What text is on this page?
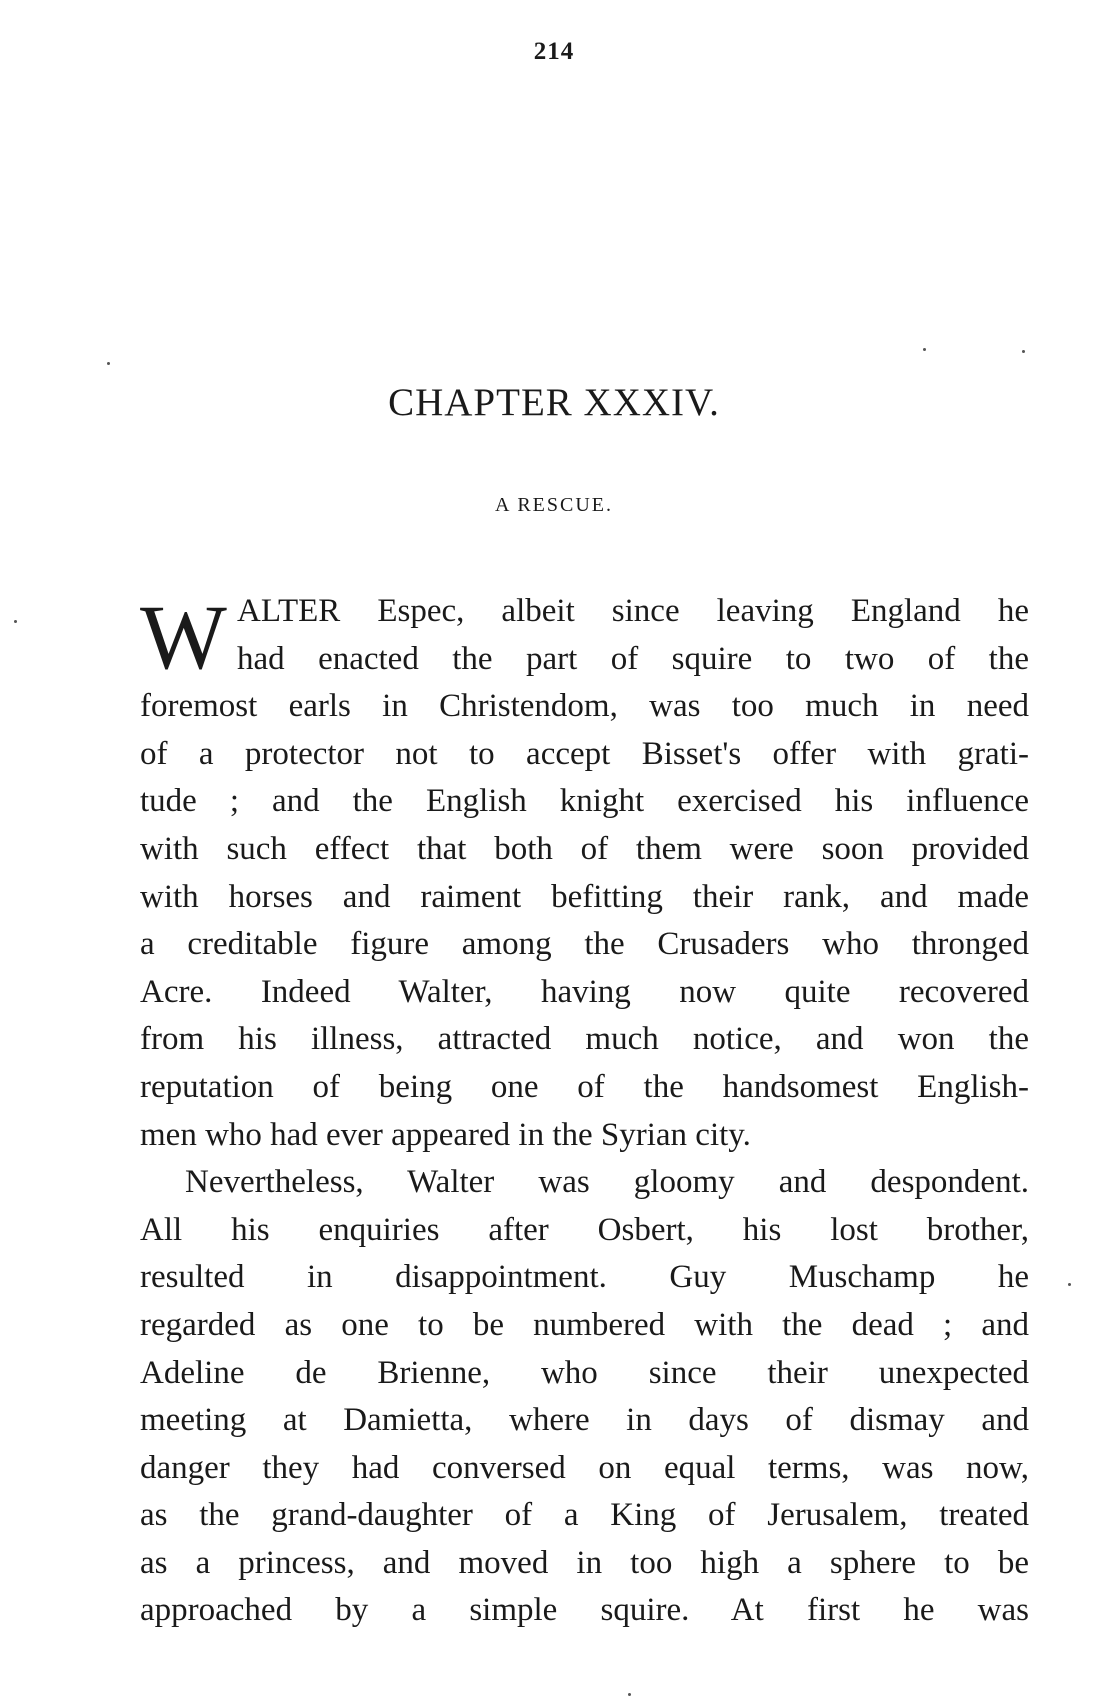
214
CHAPTER XXXIV.
A RESCUE.
W ALTER Espec, albeit since leaving England he
had enacted the part of squire to two of the
foremost earls in Christendom, was too much in need
of a protector not to accept Bisset's offer with grati-
tude ; and the English knight exercised his influence
with such effect that both of them were soon provided
with horses and raiment befitting their rank, and made
a creditable figure among the Crusaders who thronged
Acre. Indeed Walter, having now quite recovered
from his illness, attracted much notice, and won the
reputation of being one of the handsomest English-
men who had ever appeared in the Syrian city.
Nevertheless, Walter was gloomy and despondent.
All his enquiries after Osbert, his lost brother,
resulted in disappointment. Guy Muschamp he
regarded as one to be numbered with the dead ; and
Adeline de Brienne, who since their unexpected
meeting at Damietta, where in days of dismay and
danger they had conversed on equal terms, was now,
as the grand-daughter of a King of Jerusalem, treated
as a princess, and moved in too high a sphere to be
approached by a simple squire. At first he was
